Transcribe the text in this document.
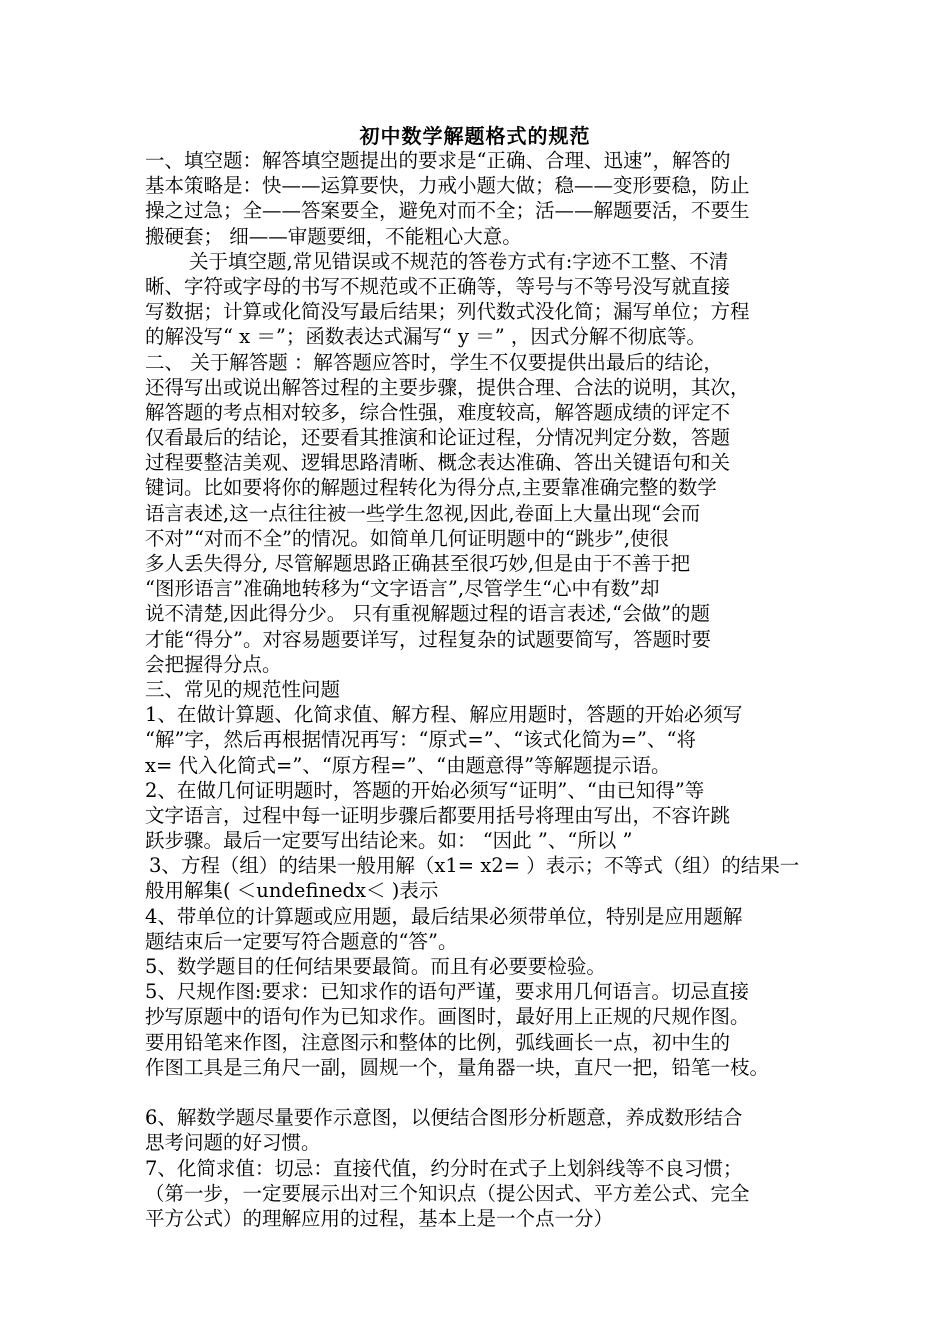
初中数学解题格式的规范
一、填空题：解答填空题提出的要求是“正确、合理、迅速”，解答的
基本策略是：快——运算要快，力戒小题大做；稳——变形要稳，防止
操之过急；全——答案要全，避免对而不全；活——解题要活，不要生
搬硬套； 细——审题要细，不能粗心大意。
关于填空题,常见错误或不规范的答卷方式有:字迹不工整、不清
晰、字符或字母的书写不规范或不正确等，等号与不等号没写就直接
写数据；计算或化简没写最后结果；列代数式没化简；漏写单位；方程
的解没写“ x ＝”；函数表达式漏写“ y ＝” ，因式分解不彻底等。
二、 关于解答题 ：解答题应答时，学生不仅要提供出最后的结论，
还得写出或说出解答过程的主要步骤，提供合理、合法的说明，其次，
解答题的考点相对较多，综合性强，难度较高，解答题成绩的评定不
仅看最后的结论，还要看其推演和论证过程，分情况判定分数，答题
过程要整洁美观、逻辑思路清晰、概念表达准确、答出关键语句和关
键词。比如要将你的解题过程转化为得分点,主要靠准确完整的数学
语言表述,这一点往往被一些学生忽视,因此,卷面上大量出现“会而
不对”“对而不全”的情况。如简单几何证明题中的“跳步”,使很
多人丢失得分, 尽管解题思路正确甚至很巧妙,但是由于不善于把
“图形语言”准确地转移为“文字语言”,尽管学生“心中有数”却
说不清楚,因此得分少。 只有重视解题过程的语言表述,“会做”的题
才能“得分”。对容易题要详写，过程复杂的试题要简写，答题时要
会把握得分点。
三、常见的规范性问题
1、在做计算题、化简求值、解方程、解应用题时，答题的开始必须写
“解”字，然后再根据情况再写：“原式=”、“该式化简为=”、“将
x= 代入化简式=”、“原方程=”、“由题意得”等解题提示语。
2、在做几何证明题时，答题的开始必须写“证明”、“由已知得”等
文字语言，过程中每一证明步骤后都要用括号将理由写出，不容许跳
跃步骤。最后一定要写出结论来。如： “因此 ”、“所以 ”
3、方程（组）的结果一般用解（x1= x2= ）表示；不等式（组）的结果一
般用解集( ＜undefinedx＜ )表示
4、带单位的计算题或应用题，最后结果必须带单位，特别是应用题解
题结束后一定要写符合题意的“答”。
5、数学题目的任何结果要最简。而且有必要要检验。
5、尺规作图:要求：已知求作的语句严谨，要求用几何语言。切忌直接
抄写原题中的语句作为已知求作。画图时，最好用上正规的尺规作图。
要用铅笔来作图，注意图示和整体的比例，弧线画长一点，初中生的
作图工具是三角尺一副，圆规一个，量角器一块，直尺一把，铅笔一枝。
6、解数学题尽量要作示意图，以便结合图形分析题意，养成数形结合
思考问题的好习惯。
7、化简求值：切忌：直接代值，约分时在式子上划斜线等不良习惯；
（第一步，一定要展示出对三个知识点（提公因式、平方差公式、完全
平方公式）的理解应用的过程，基本上是一个点一分）
